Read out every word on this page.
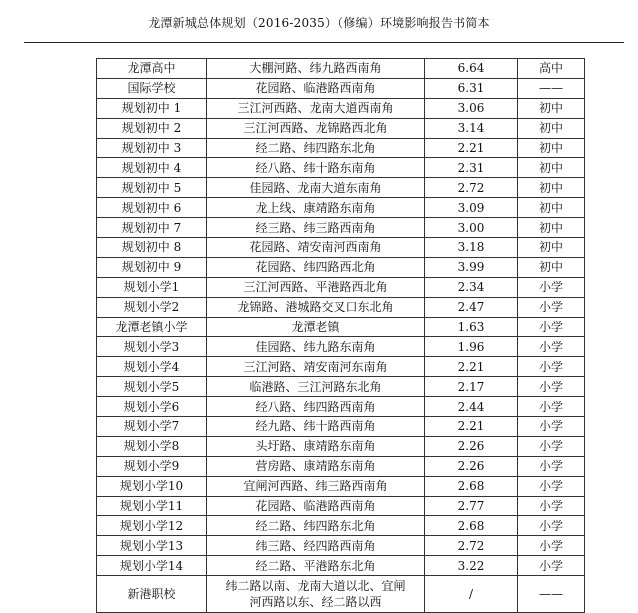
龙潭新城总体规划（2016-2035）（修编）环境影响报告书简本
龙潭高中	大棚河路、纬九路西南角	6.64	高中
国际学校	花园路、临港路西南角	6.31	——
规划初中 1	三江河西路、龙南大道西南角	3.06	初中
规划初中 2	三江河西路、龙锦路西北角	3.14	初中
规划初中 3	经二路、纬四路东北角	2.21	初中
规划初中 4	经八路、纬十路东南角	2.31	初中
规划初中 5	佳园路、龙南大道东南角	2.72	初中
规划初中 6	龙上线、康靖路东南角	3.09	初中
规划初中 7	经三路、纬三路西南角	3.00	初中
规划初中 8	花园路、靖安南河西南角	3.18	初中
规划初中 9	花园路、纬四路西北角	3.99	初中
规划小学1	三江河西路、平港路西北角	2.34	小学
规划小学2	龙锦路、港城路交叉口东北角	2.47	小学
龙潭老镇小学	龙潭老镇	1.63	小学
规划小学3	佳园路、纬九路东南角	1.96	小学
规划小学4	三江河路、靖安南河东南角	2.21	小学
规划小学5	临港路、三江河路东北角	2.17	小学
规划小学6	经八路、纬四路西南角	2.44	小学
规划小学7	经九路、纬十路西南角	2.21	小学
规划小学8	头圩路、康靖路东南角	2.26	小学
规划小学9	营房路、康靖路东南角	2.26	小学
规划小学10	宜闸河西路、纬三路西南角	2.68	小学
规划小学11	花园路、临港路西南角	2.77	小学
规划小学12	经二路、纬四路东北角	2.68	小学
规划小学13	纬三路、经四路西南角	2.72	小学
规划小学14	经二路、平港路东北角	3.22	小学
新港职校	纬二路以南、龙南大道以北、宜闸
河西路以东、经二路以西	/	——
